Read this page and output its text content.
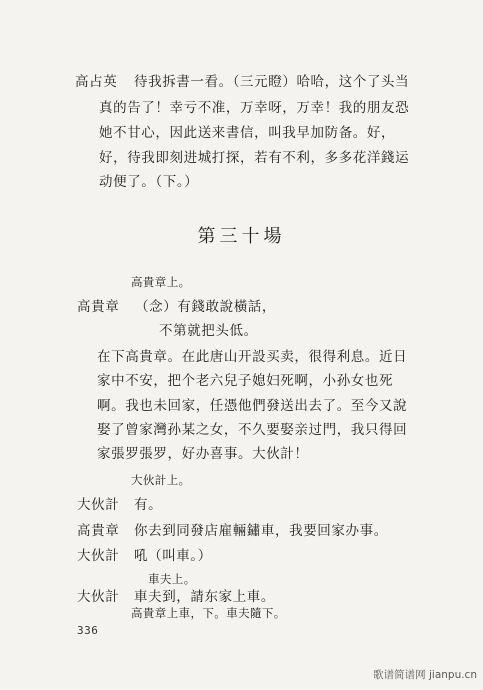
高占英 待我拆書一看。（三元瞪）哈哈，这个了头当
真的告了！幸亏不准，万幸呀，万幸！我的朋友恐
她不甘心，因此送来書信，叫我早加防备。好，
好，待我即刻进城打探，若有不利，多多花洋錢运
动便了。（下。）
第三十場
高貴章上。
高貴章 （念）有錢敢說橫話，
不第就把头低。
在下高貴章。在此唐山开設买卖，很得利息。近日
家中不安，把个老六兒子媳妇死啊，小孙女也死
啊。我也未回家，任憑他們發送出去了。至今又說
娶了曾家灣孙某之女，不久要娶亲过門，我只得回
家張罗張罗，好办喜事。大伙計！
大伙計上。
大伙計 有。
高貴章 你去到同發店雇輛鏽車，我要回家办事。
大伙計 吼（叫車。）
車夫上。
大伙計 車夫到，請东家上車。
高貴章上車，下。車夫隨下。
336
歌谱简谱网 jianpu.cn
